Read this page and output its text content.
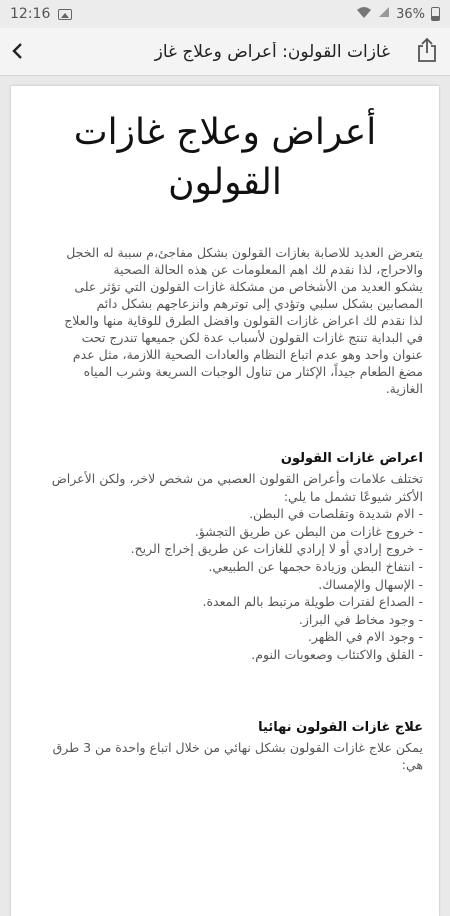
12:16	36%
غازات القولون: أعراض وعلاج غاز
أعراض وعلاج غازات
القولون

يتعرض العديد للاصابة بغازات القولون بشكل مفاجئ،م سببة له الخجل

والاحراج، لذا نقدم لك اهم المعلومات عن هذه الحالة الصحية

يشكو العديد من الأشخاص من مشكلة غازات القولون التي تؤثر على

المصابين بشكل سلبي وتؤدي إلى توترهم وانزعاجهم بشكل دائم

لذا نقدم لك اعراض غازات القولون وافضل الطرق للوقاية منها والعلاج

في البداية تنتج غازات القولون لأسباب عدة لكن جميعها تندرج تحت

عنوان واحد وهو عدم اتباع النظام والعادات الصحية اللازمة، مثل عدم

مضغ الطعام جيداً، الإكثار من تناول الوجبات السريعة وشرب المياه

الغازية.

اعراض غازات القولون

تختلف علامات وأعراض القولون العصبي من شخص لاخر، ولكن الأعراض

الأكثر شيوعًا تشمل ما يلي:

- الام شديدة وتقلصات في البطن.

- خروج غازات من البطن عن طريق التجشؤ.

- خروج إرادي أو لا إرادي للغازات عن طريق إخراج الريح.

- انتفاخ البطن وزيادة حجمها عن الطبيعي.

- الإسهال والإمساك.

- الصداع لفترات طويلة مرتبط بالم المعدة.

- وجود مخاط في البراز.

- وجود الام في الظهر.

- القلق والاكتئاب وصعوبات النوم.

علاج غازات القولون نهائيا

يمكن علاج غازات القولون بشكل نهائي من خلال اتباع واحدة من 3 طرق

هي:
